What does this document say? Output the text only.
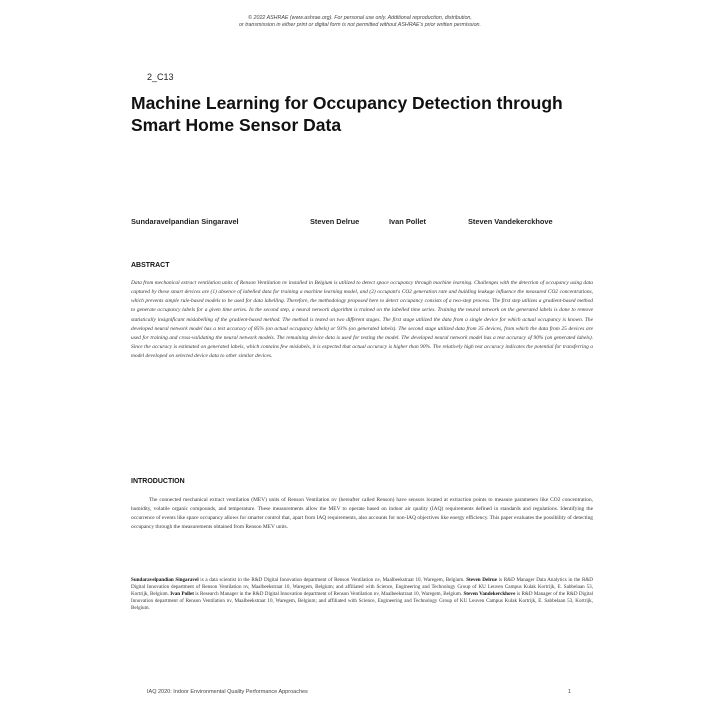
© 2022 ASHRAE (www.ashrae.org). For personal use only. Additional reproduction, distribution,
or transmission in either print or digital form is not permitted without ASHRAE's prior written permission.
2_C13
Machine Learning for Occupancy Detection through Smart Home Sensor Data
Sundaravelpandian Singaravel	Steven Delrue	Ivan Pollet	Steven Vandekerckhove
ABSTRACT

Data from mechanical extract ventilation units of Renson Ventilation nv installed in Belgium is utilized to detect space occupancy through machine learning. Challenges with the detection of occupancy using data captured by these smart devices are (1) absence of labelled data for training a machine learning model, and (2) occupant's CO2 generation rate and building leakage influence the measured CO2 concentrations, which prevents simple rule-based models to be used for data labelling. Therefore, the methodology proposed here to detect occupancy consists of a two-step process. The first step utilizes a gradient-based method to generate occupancy labels for a given time series. In the second step, a neural network algorithm is trained on the labelled time series. Training the neural network on the generated labels is done to remove statistically insignificant mislabelling of the gradient-based method. The method is tested on two different stages. The first stage utilized the data from a single device for which actual occupancy is known. The developed neural network model has a test accuracy of 85% (on actual occupancy labels) or 93% (on generated labels). The second stage utilized data from 35 devices, from which the data from 25 devices are used for training and cross-validating the neural network models. The remaining device data is used for testing the model. The developed neural network model has a test accuracy of 90% (on generated labels). Since the accuracy is estimated on generated labels, which contains few mislabels, it is expected that actual accuracy is higher than 90%. The relatively high test accuracy indicates the potential for transferring a model developed on selected device data to other similar devices.

INTRODUCTION

The connected mechanical extract ventilation (MEV) units of Renson Ventilation nv (hereafter called Renson) have sensors located at extraction points to measure parameters like CO2 concentration, humidity, volatile organic compounds, and temperature. These measurements allow the MEV to operate based on indoor air quality (IAQ) requirements defined in standards and regulations. Identifying the occurrence of events like space occupancy allows for smarter control that, apart from IAQ requirements, also accounts for non-IAQ objectives like energy efficiency. This paper evaluates the possibility of detecting occupancy through the measurements obtained from Renson MEV units.

Sundaravelpandian Singaravel is a data scientist in the R&D Digital Innovation department of Renson Ventilation nv, Maalbeekstraat 10, Waregem, Belgium. Steven Delrue is R&D Manager Data Analytics in the R&D Digital Innovation department of Renson Ventilation nv, Maalbeekstraat 10, Waregem, Belgium; and affiliated with Science, Engineering and Technology Group of KU Leuven Campus Kulak Kortrijk, E. Sabbelaan 53, Kortrijk, Belgium. Ivan Pollet is Research Manager in the R&D Digital Innovation department of Renson Ventilation nv, Maalbeekstraat 10, Waregem, Belgium. Steven Vandekerckhove is R&D Manager of the R&D Digital Innovation department of Renson Ventilation nv, Maalbeekstraat 10, Waregem, Belgium; and affiliated with Science, Engineering and Technology Group of KU Leuven Campus Kulak Kortrijk, E. Sabbelaan 53, Kortrijk, Belgium.

IAQ 2020: Indoor Environmental Quality Performance Approaches	1
